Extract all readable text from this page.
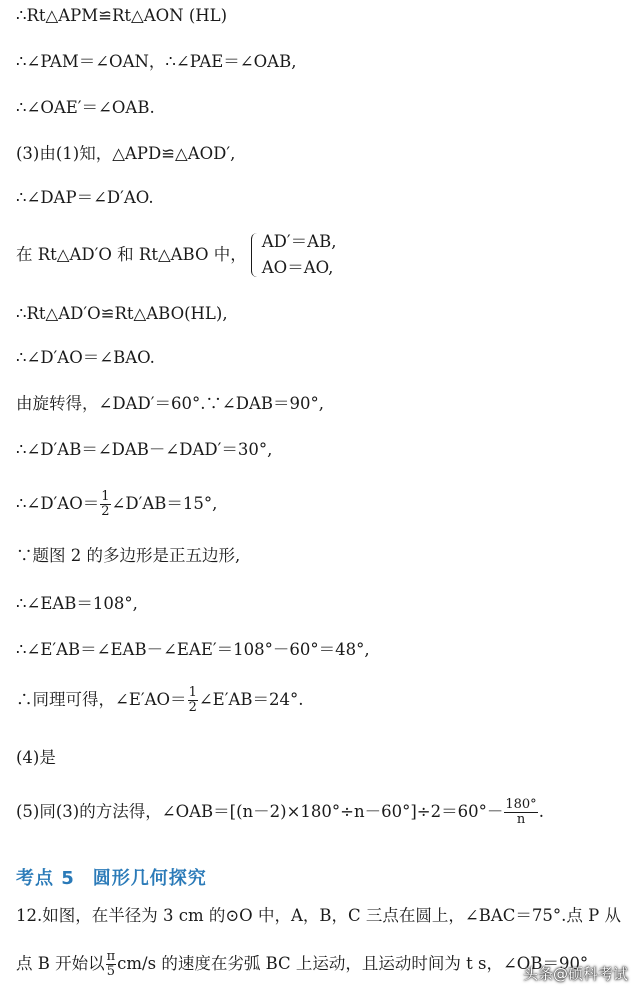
∴Rt△APM≌Rt△AON (HL)
∴∠PAM＝∠OAN，∴∠PAE＝∠OAB,
∴∠OAE′＝∠OAB.
(3)由(1)知，△APD≌△AOD′,
∴∠DAP＝∠D′AO.
在 Rt△AD′O 和 Rt△ABO 中，
AD′＝AB,
AO＝AO,
∴Rt△AD′O≌Rt△ABO(HL),
∴∠D′AO＝∠BAO.
由旋转得，∠DAD′＝60°.∵∠DAB＝90°,
∴∠D′AB＝∠DAB－∠DAD′＝30°,
∴∠D′AO＝ $\frac{1}{2}$ ∠D′AB＝15°,
∵题图 2 的多边形是正五边形,
∴∠EAB＝108°,
∴∠E′AB＝∠EAB－∠EAE′＝108°－60°＝48°,
∴同理可得，∠E′AO＝ $\frac{1}{2}$ ∠E′AB＝24°.
(4)是
(5)同(3)的方法得，∠OAB＝[(n－2)×180°÷n－60°]÷2＝60°－ $\frac{180^\circ}{n}$ .
考点 5 圆形几何探究
12.如图，在半径为 3 cm 的⊙O 中，A，B，C 三点在圆上，∠BAC＝75°.点 P 从
点 B 开始以 $\frac{\pi}{5} cm/s$ 的速度在劣弧 BC 上运动，且运动时间为 t s，∠OB＝90°
头条@硕科考试
